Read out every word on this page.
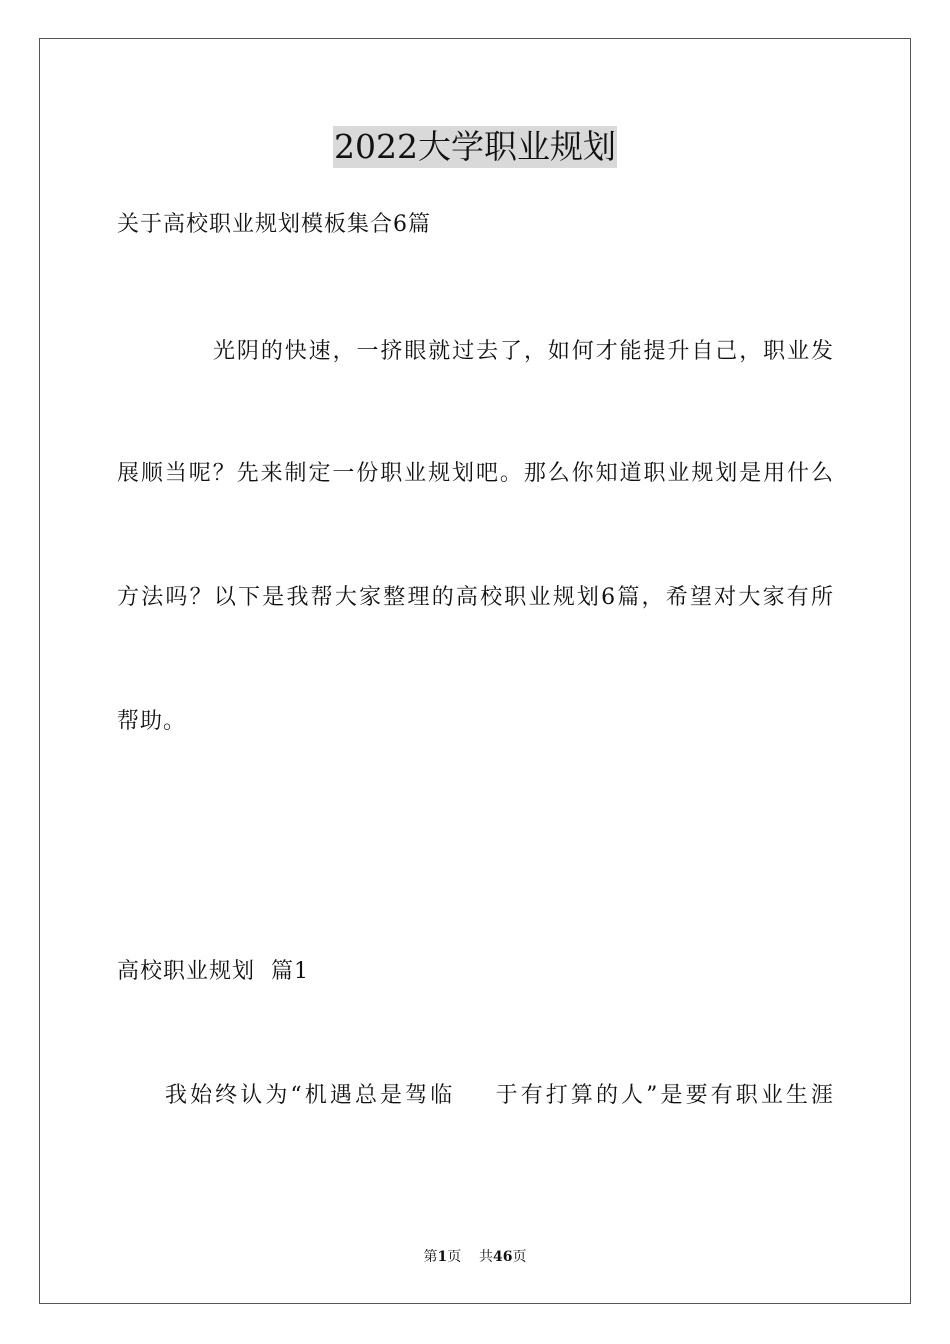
2022大学职业规划
关于高校职业规划模板集合6篇
光阴的快速，一挤眼就过去了，如何才能提升自己，职业发
展顺当呢？先来制定一份职业规划吧。那么你知道职业规划是用什么
方法吗？以下是我帮大家整理的高校职业规划6篇，希望对大家有所
帮助。
高校职业规划  篇1
我始终认为“机遇总是驾临    于有打算的人”是要有职业生涯
第1页    共46页
